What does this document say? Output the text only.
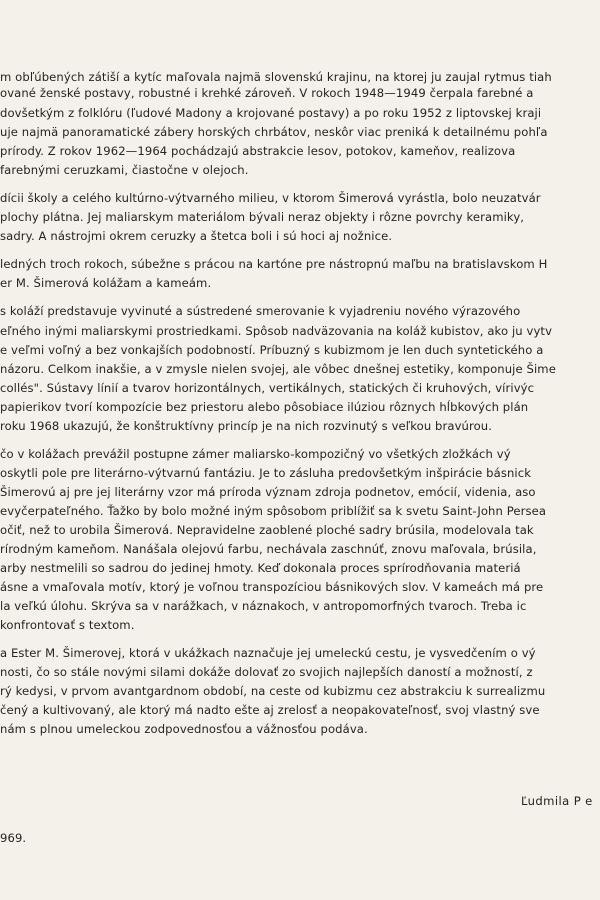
m obľúbených zátiší a kytíc maľovala najmä slovenskú krajinu, na ktorej ju zaujal rytmus tiah

ované ženské postavy, robustné i krehké zároveň. V rokoch 1948—1949 čerpala farebné a

dovšetkým z folklóru (ľudové Madony a krojované postavy) a po roku 1952 z liptovskej kraji

uje najmä panoramatické zábery horských chrbátov, neskôr viac preniká k detailnému pohľa

prírody. Z rokov 1962—1964 pochádzajú abstrakcie lesov, potokov, kameňov, realizova

farebnými ceruzkami, čiastočne v olejoch.

dícii školy a celého kultúrno-výtvarného milieu, v ktorom Šimerová vyrástla, bolo neuzatvár

plochy plátna. Jej maliarskym materiálom bývali neraz objekty i rôzne povrchy keramiky,

sadry. A nástrojmi okrem ceruzky a štetca boli i sú hoci aj nožnice.

ledných troch rokoch, súbežne s prácou na kartóne pre nástropnú maľbu na bratislavskom H

er M. Šimerová kolážam a kameám.

s koláží predstavuje vyvinuté a sústredené smerovanie k vyjadreniu nového výrazového

eľného inými maliarskymi prostriedkami. Spôsob nadväzovania na koláž kubistov, ako ju vytv

e veľmi voľný a bez vonkajších podobností. Príbuzný s kubizmom je len duch syntetického a

názoru. Celkom inakšie, a v zmysle nielen svojej, ale vôbec dnešnej estetiky, komponuje Šime

collés". Sústavy línií a tvarov horizontálnych, vertikálnych, statických či kruhových, vírivýc

papierikov tvorí kompozície bez priestoru alebo pôsobiace ilúziou rôznych hĺbkových plán

roku 1968 ukazujú, že konštruktívny princíp je na nich rozvinutý s veľkou bravúrou.

čo v kolážach prevážil postupne zámer maliarsko-kompozičný vo všetkých zložkách vý

oskytli pole pre literárno-výtvarnú fantáziu. Je to zásluha predovšetkým inšpirácie básnick

Šimerovú aj pre jej literárny vzor má príroda význam zdroja podnetov, emócií, videnia, aso

evyčerpateľného. Ťažko by bolo možné iným spôsobom priblížiť sa k svetu Saint-John Persea

očiť, než to urobila Šimerová. Nepravidelne zaoblené ploché sadry brúsila, modelovala tak

rírodným kameňom. Nanášala olejovú farbu, nechávala zaschnúť, znovu maľovala, brúsila,

arby nestmelili so sadrou do jedinej hmoty. Keď dokonala proces sprírodňovania materiá

ásne a vmaľovala motív, ktorý je voľnou transpozíciou básnikových slov. V kameách má pre

la veľkú úlohu. Skrýva sa v narážkach, v náznakoch, v antropomorfných tvaroch. Treba ic

konfrontovať s textom.

a Ester M. Šimerovej, ktorá v ukážkach naznačuje jej umeleckú cestu, je vysvedčením o vý

nosti, čo so stále novými silami dokáže dolovať zo svojich najlepších daností a možností, z

rý kedysi, v prvom avantgardnom období, na ceste od kubizmu cez abstrakciu k surrealizmu

čený a kultivovaný, ale ktorý má nadto ešte aj zrelosť a neopakovateľnosť, svoj vlastný sve

nám s plnou umeleckou zodpovednosťou a vážnosťou podáva.

Ľudmila P e

969.
